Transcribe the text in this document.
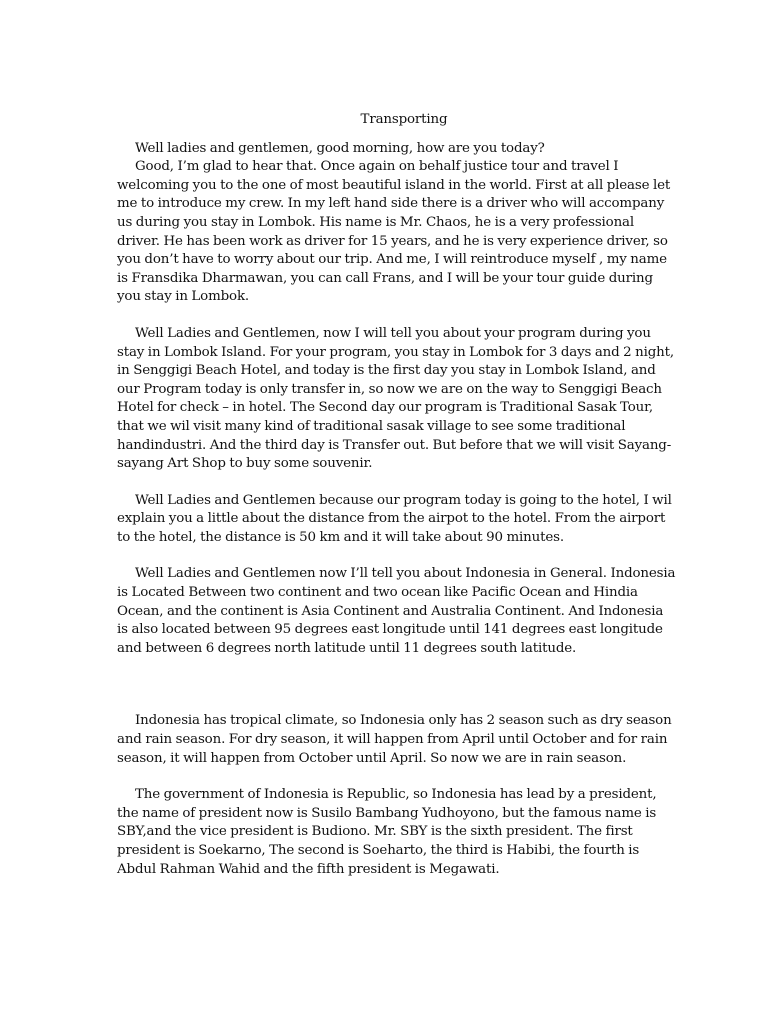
Transporting

Well ladies and gentlemen, good morning, how are you today?

Good, I’m glad to hear that. Once again on behalf justice tour and travel I welcoming you to the one of most beautiful island in the world. First at all please let me to introduce my crew. In my left hand side there is a driver who will accompany us during you stay in Lombok. His name is Mr. Chaos, he is a very professional driver. He has been work as driver for 15 years, and he is very experience driver, so you don’t have to worry about our trip. And me, I will reintroduce myself , my name is Fransdika Dharmawan, you can call Frans, and I will be your tour guide during you stay in Lombok.

Well Ladies and Gentlemen, now I will tell you about your program during you stay in Lombok Island. For your program, you stay in Lombok for 3 days and 2 night, in Senggigi Beach Hotel, and today is the first day you stay in Lombok Island, and our Program today is only transfer in, so now we are on the way to Senggigi Beach Hotel for check – in hotel. The Second day our program is Traditional Sasak Tour, that we wil visit many kind of traditional sasak village to see some traditional handindustri. And the third day is Transfer out. But before that we will visit Sayang- sayang Art Shop to buy some souvenir.

Well Ladies and Gentlemen because our program today is going to the hotel, I wil explain you a little about the distance from the airpot to the hotel. From the airport to the hotel, the distance is 50 km and it will take about 90 minutes.

Well Ladies and Gentlemen now I’ll tell you about Indonesia in General. Indonesia is Located Between two continent and two ocean like Pacific Ocean and Hindia Ocean, and the continent is Asia Continent and Australia Continent. And Indonesia is also located between 95 degrees east longitude until 141 degrees east longitude and between 6 degrees north latitude until 11 degrees south latitude.

Indonesia has tropical climate, so Indonesia only has 2 season such as dry season and rain season. For dry season, it will happen from April until October and for rain season, it will happen from October until April. So now we are in rain season.

The government of Indonesia is Republic, so Indonesia has lead by a president, the name of president now is Susilo Bambang Yudhoyono, but the famous name is SBY,and the vice president is Budiono. Mr. SBY is the sixth president. The first president is Soekarno, The second is Soeharto, the third is Habibi, the fourth is Abdul Rahman Wahid and the fifth president is Megawati.
